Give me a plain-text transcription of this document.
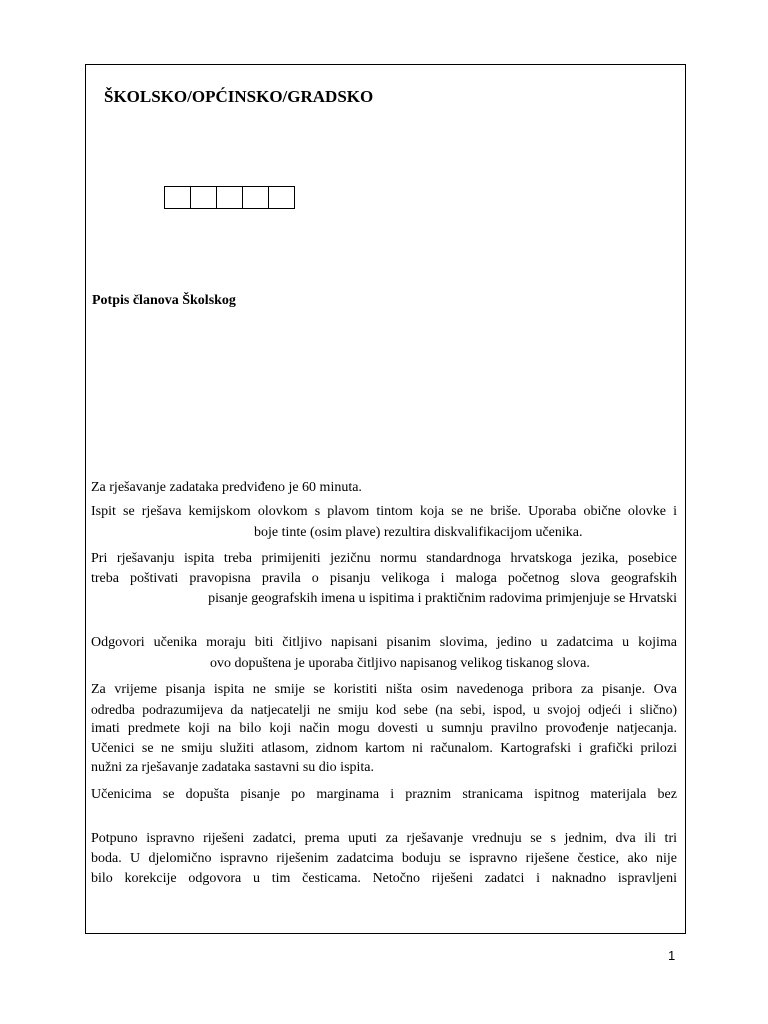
ŠKOLSKO/OPĆINSKO/GRADSKO
Potpis članova Školskog
Za rješavanje zadataka predviđeno je 60 minuta.
Ispit se rješava kemijskom olovkom s plavom tintom koja se ne briše. Uporaba obične olovke i
boje tinte (osim plave) rezultira diskvalifikacijom učenika.
Pri rješavanju ispita treba primijeniti jezičnu normu standardnoga hrvatskoga jezika, posebice
treba poštivati pravopisna pravila o pisanju velikoga i maloga početnog slova geografskih
pisanje geografskih imena u ispitima i praktičnim radovima primjenjuje se Hrvatski
Odgovori učenika moraju biti čitljivo napisani pisanim slovima, jedino u zadatcima u kojima
ovo dopuštena je uporaba čitljivo napisanog velikog tiskanog slova.
Za vrijeme pisanja ispita ne smije se koristiti ništa osim navedenoga pribora za pisanje. Ova
odredba podrazumijeva da natjecatelji ne smiju kod sebe (na sebi, ispod, u svojoj odjeći i slično)
imati predmete koji na bilo koji način mogu dovesti u sumnju pravilno provođenje natjecanja.
Učenici se ne smiju služiti atlasom, zidnom kartom ni računalom. Kartografski i grafički prilozi
nužni za rješavanje zadataka sastavni su dio ispita.
Učenicima se dopušta pisanje po marginama i praznim stranicama ispitnog materijala bez
Potpuno ispravno riješeni zadatci, prema uputi za rješavanje vrednuju se s jednim, dva ili tri
boda. U djelomično ispravno riješenim zadatcima boduju se ispravno riješene čestice, ako nije
bilo korekcije odgovora u tim česticama. Netočno riješeni zadatci i naknadno ispravljeni
1
